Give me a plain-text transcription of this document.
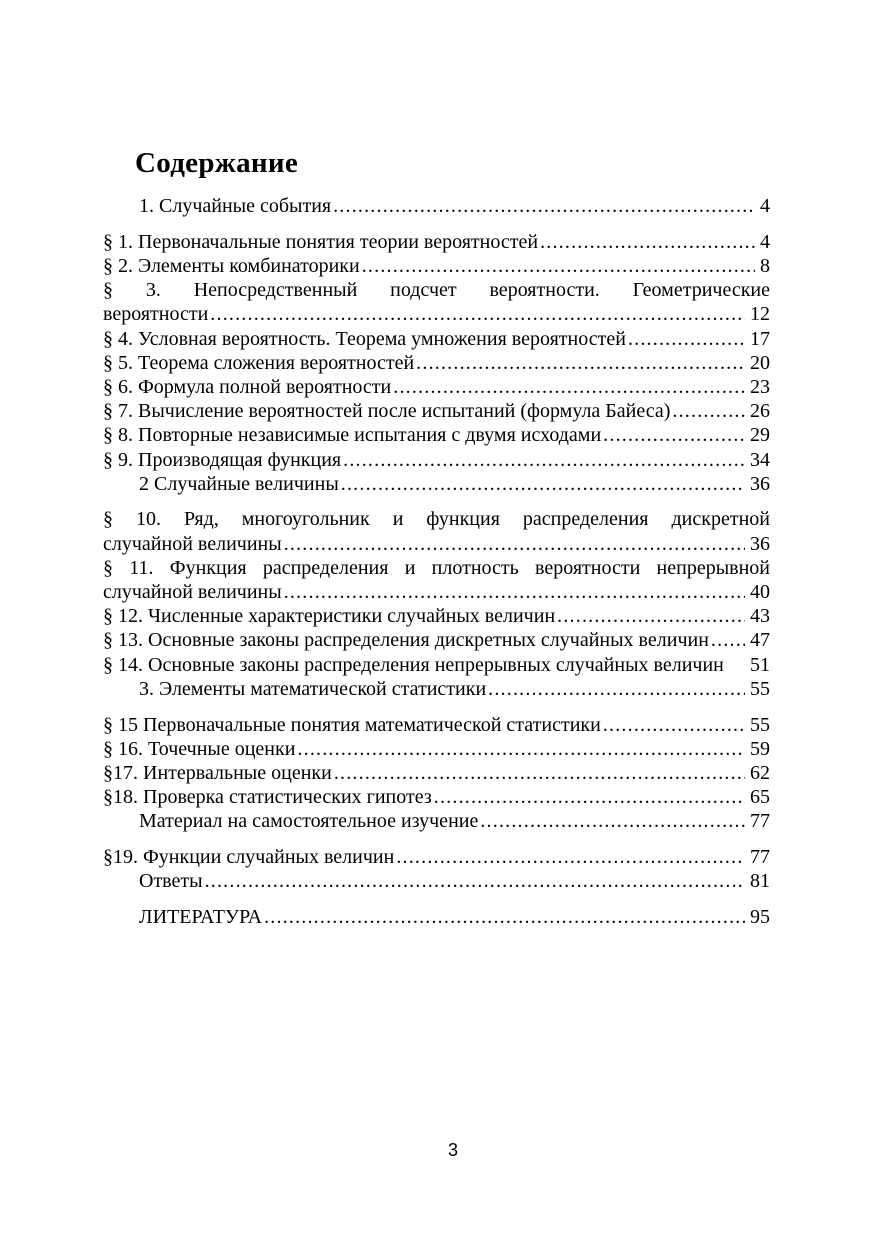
Содержание
1. Случайные события .....	4
§ 1. Первоначальные понятия теории вероятностей .....	4
§ 2. Элементы комбинаторики .....	8
§ 3. Непосредственный подсчет вероятности. Геометрические
вероятности .....	12
§ 4. Условная вероятность. Теорема умножения вероятностей .....	17
§ 5. Теорема сложения вероятностей .....	20
§ 6. Формула полной вероятности .....	23
§ 7. Вычисление вероятностей после испытаний (формула Байеса) .....	26
§ 8. Повторные независимые испытания с двумя исходами .....	29
§ 9. Производящая функция .....	34
2 Случайные величины .....	36
§ 10. Ряд, многоугольник и функция распределения дискретной
случайной величины .....	36
§ 11. Функция распределения и плотность вероятности непрерывной
случайной величины .....	40
§ 12. Численные характеристики случайных величин .....	43
§ 13. Основные законы распределения дискретных случайных величин ..... 47
§ 14. Основные законы распределения непрерывных случайных величин 51
3. Элементы математической статистики .....	55
§ 15 Первоначальные понятия математической статистики .....	55
§ 16. Точечные оценки .....	59
§17. Интервальные оценки .....	62
§18. Проверка статистических гипотез .....	65
Материал на самостоятельное изучение .....	77
§19. Функции случайных величин .....	77
Ответы .....	81
ЛИТЕРАТУРА .....	95
3
